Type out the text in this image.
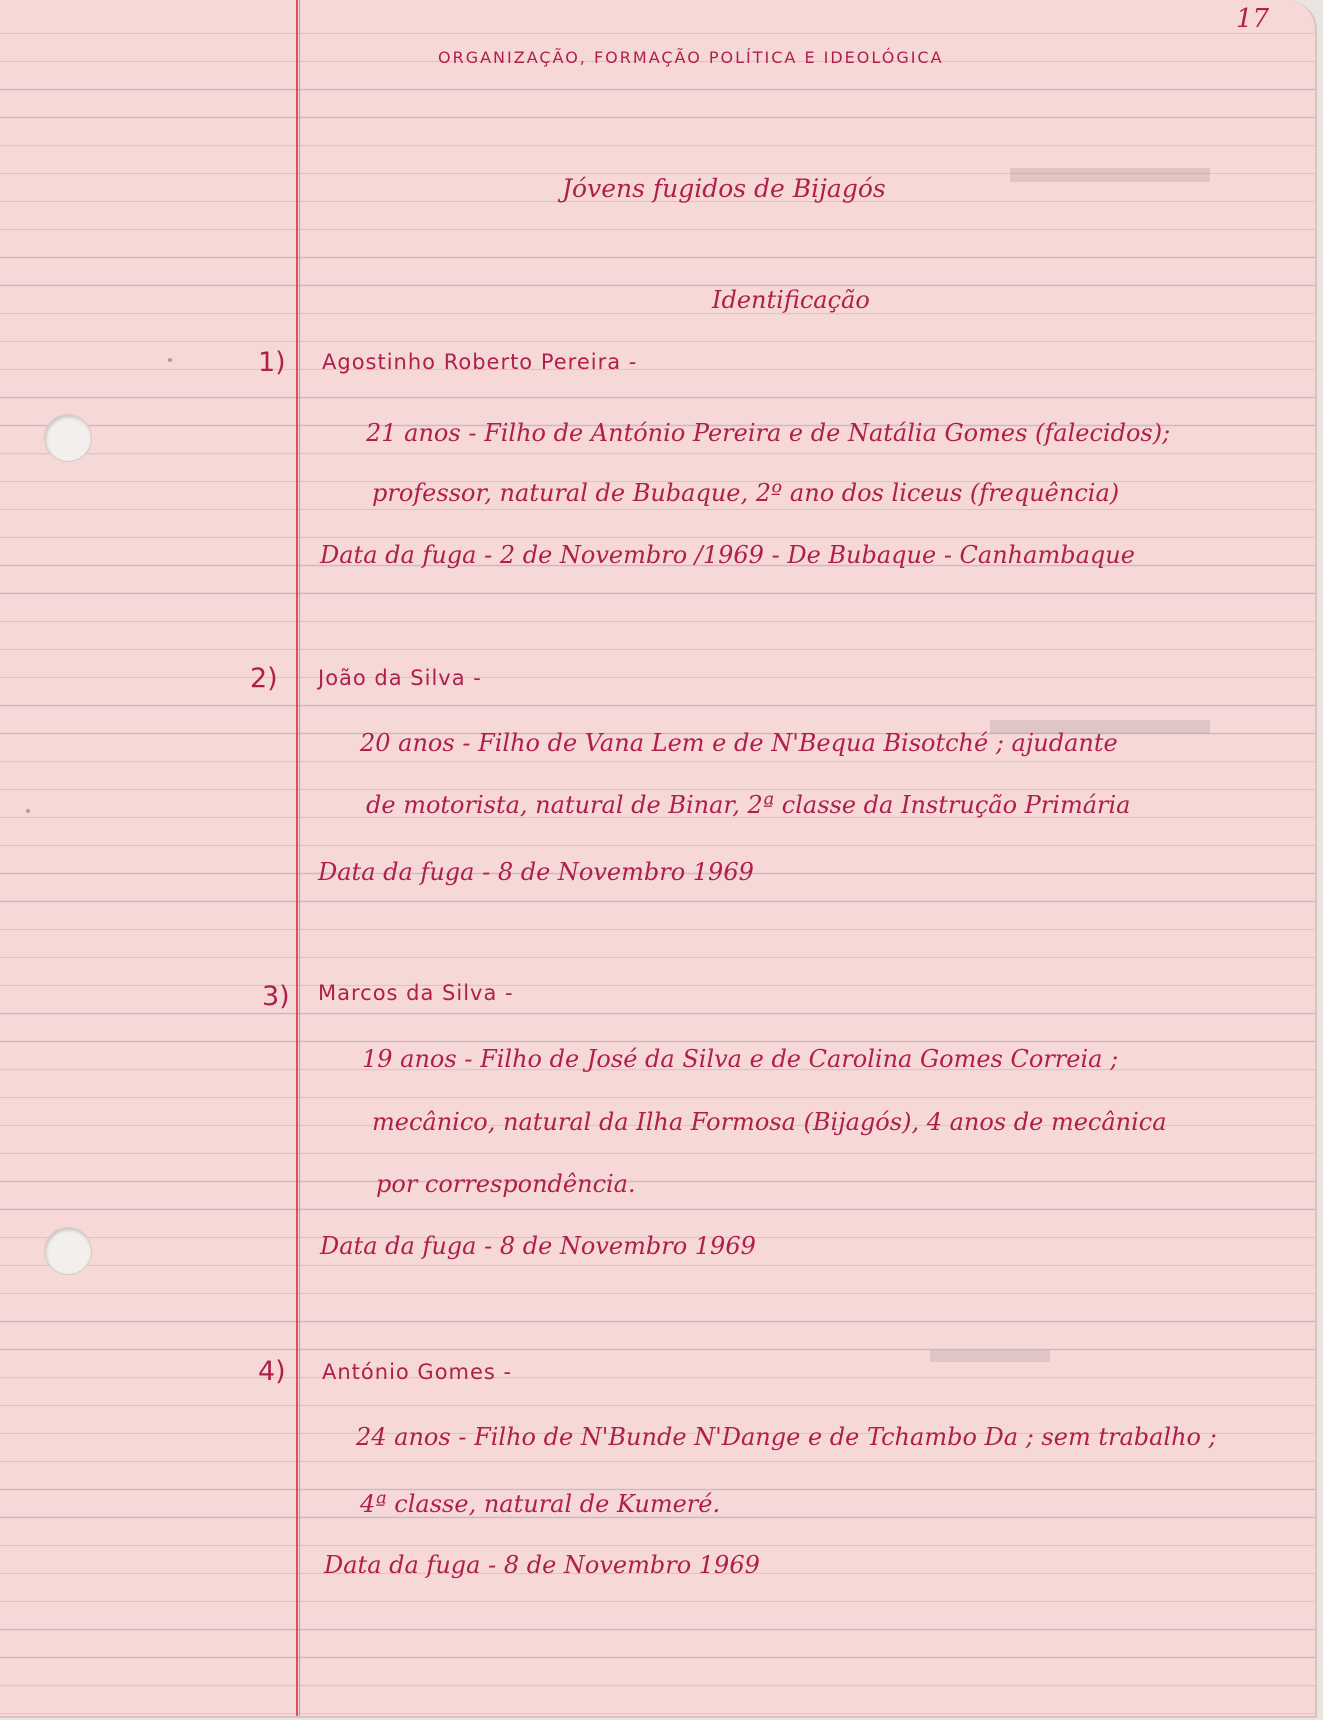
17
ORGANIZAÇÃO, FORMAÇÃO POLÍTICA E IDEOLÓGICA
Jóvens fugidos de Bijagós
Identificação
1) Agostinho Roberto Pereira -
21 anos - Filho de António Pereira e de Natália Gomes (falecidos);
professor, natural de Bubaque, 2º ano dos liceus (frequência)
Data da fuga - 2 de Novembro /1969 - De Bubaque - Canhambaque
2) João da Silva -
20 anos - Filho de Vana Lem e de N'Bequa Bisotché ; ajudante
de motorista, natural de Binar, 2ª classe da Instrução Primária
Data da fuga - 8 de Novembro 1969
3) Marcos da Silva -
19 anos - Filho de José da Silva e de Carolina Gomes Correia ;
mecânico, natural da Ilha Formosa (Bijagós), 4 anos de mecânica
por correspondência.
Data da fuga - 8 de Novembro 1969
4) António Gomes -
24 anos - Filho de N'Bunde N'Dange e de Tchambo Da ; sem trabalho ;
4ª classe, natural de Kumeré.
Data da fuga - 8 de Novembro 1969
